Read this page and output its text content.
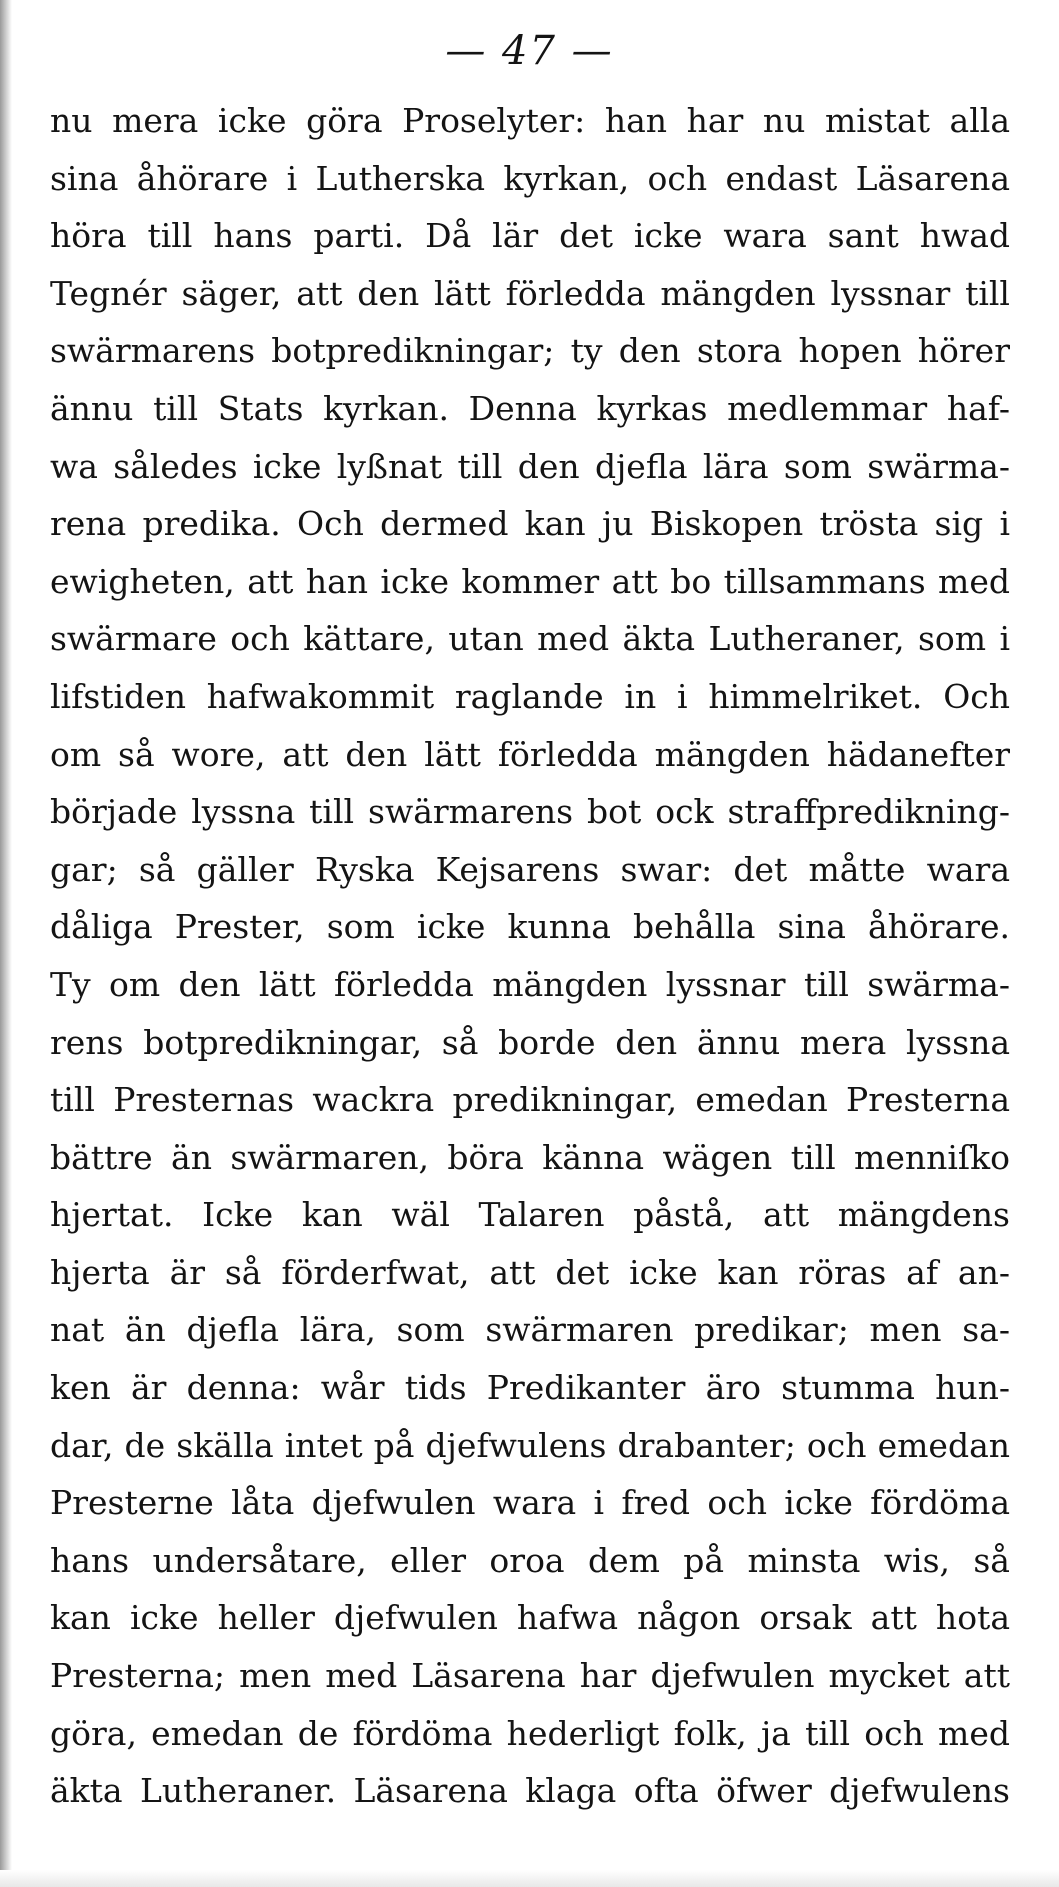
— 47 —
nu mera icke göra Proselyter: han har nu mistat alla
sina åhörare i Lutherska kyrkan, och endast Läsarena
höra till hans parti. Då lär det icke wara sant hwad
Tegnér säger, att den lätt förledda mängden lyssnar till
swärmarens botpredikningar; ty den stora hopen hörer
ännu till Stats kyrkan. Denna kyrkas medlemmar haf-
wa således icke lyßnat till den djefla lära som swärma-
rena predika. Och dermed kan ju Biskopen trösta sig i
ewigheten, att han icke kommer att bo tillsammans med
swärmare och kättare, utan med äkta Lutheraner, som i
lifstiden hafwakommit raglande in i himmelriket. Och
om så wore, att den lätt förledda mängden hädanefter
började lyssna till swärmarens bot ock straffpredikning-
gar; så gäller Ryska Kejsarens swar: det måtte wara
dåliga Prester, som icke kunna behålla sina åhörare.
Ty om den lätt förledda mängden lyssnar till swärma-
rens botpredikningar, så borde den ännu mera lyssna
till Presternas wackra predikningar, emedan Presterna
bättre än swärmaren, böra känna wägen till menniſko
hjertat. Icke kan wäl Talaren påstå, att mängdens
hjerta är så förderfwat, att det icke kan röras af an-
nat än djefla lära, som swärmaren predikar; men sa-
ken är denna: wår tids Predikanter äro stumma hun-
dar, de skälla intet på djefwulens drabanter; och emedan
Presterne låta djefwulen wara i fred och icke fördöma
hans undersåtare, eller oroa dem på minsta wis, så
kan icke heller djefwulen hafwa någon orsak att hota
Presterna; men med Läsarena har djefwulen mycket att
göra, emedan de fördöma hederligt folk, ja till och med
äkta Lutheraner. Läsarena klaga ofta öfwer djefwulens
